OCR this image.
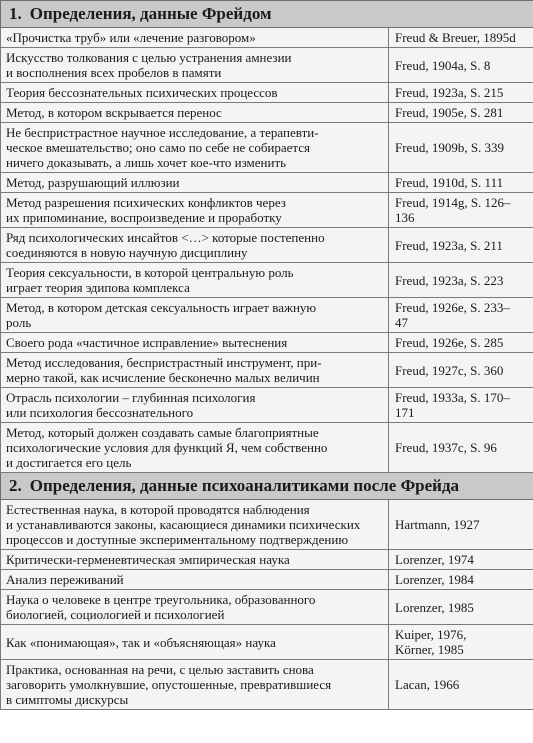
1. Определения, данные Фрейдом	
«Прочистка труб» или «лечение разговором»	Freud & Breuer, 1895d
Искусство толкования с целью устранения амнезии
и восполнения всех пробелов в памяти	Freud, 1904a, S. 8
Теория бессознательных психических процессов	Freud, 1923a, S. 215
Метод, в котором вскрывается перенос	Freud, 1905e, S. 281
Не беспристрастное научное исследование, а терапевти-
ческое вмешательство; оно само по себе не собирается
ничего доказывать, а лишь хочет кое-что изменить	Freud, 1909b, S. 339
Метод, разрушающий иллюзии	Freud, 1910d, S. 111
Метод разрешения психических конфликтов через
их припоминание, воспроизведение и проработку	Freud, 1914g, S. 126–
136
Ряд психологических инсайтов <…> которые постепенно
соединяются в новую научную дисциплину	Freud, 1923a, S. 211
Теория сексуальности, в которой центральную роль
играет теория эдипова комплекса	Freud, 1923a, S. 223
Метод, в котором детская сексуальность играет важную
роль	Freud, 1926e, S. 233–
47
Своего рода «частичное исправление» вытеснения	Freud, 1926e, S. 285
Метод исследования, беспристрастный инструмент, при-
мерно такой, как исчисление бесконечно малых величин	Freud, 1927c, S. 360
Отрасль психологии – глубинная психология
или психология бессознательного	Freud, 1933a, S. 170–
171
Метод, который должен создавать самые благоприятные
психологические условия для функций Я, чем собственно
и достигается его цель	Freud, 1937c, S. 96
2. Определения, данные психоаналитиками после Фрейда	
Естественная наука, в которой проводятся наблюдения
и устанавливаются законы, касающиеся динамики психических
процессов и доступные экспериментальному подтверждению	Hartmann, 1927
Критически-герменевтическая эмпирическая наука	Lorenzer, 1974
Анализ переживаний	Lorenzer, 1984
Наука о человеке в центре треугольника, образованного
биологией, социологией и психологией	Lorenzer, 1985
Как «понимающая», так и «объясняющая» наука	Kuiper, 1976,
Körner, 1985
Практика, основанная на речи, с целью заставить снова
заговорить умолкнувшие, опустошенные, превратившиеся
в симптомы дискурсы	Lacan, 1966
